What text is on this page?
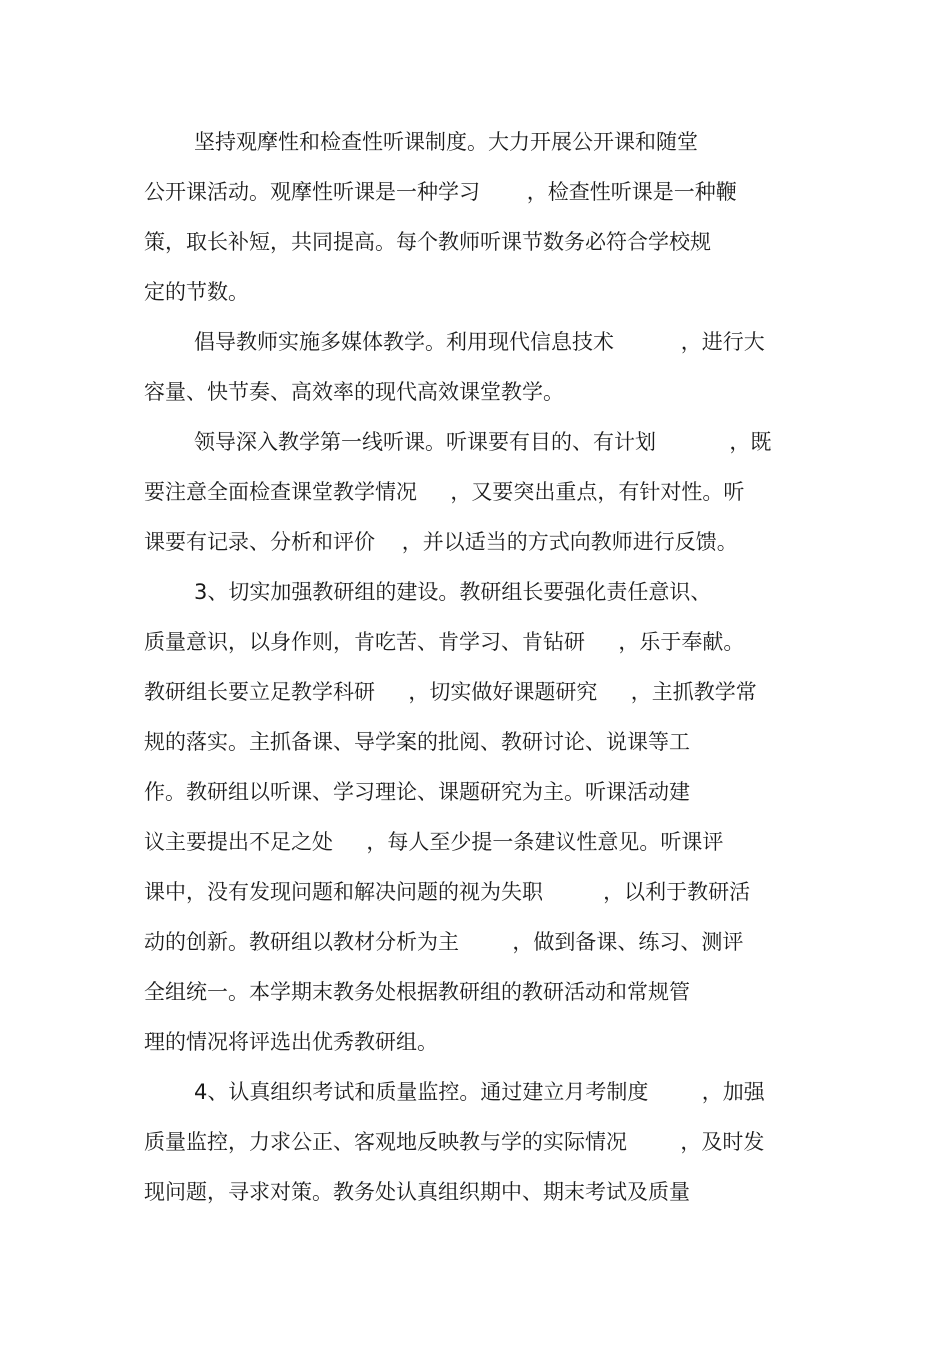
坚持观摩性和检查性听课制度。大力开展公开课和随堂
公开课活动。观摩性听课是一种学习       ，检查性听课是一种鞭
策，取长补短，共同提高。每个教师听课节数务必符合学校规
定的节数。
倡导教师实施多媒体教学。利用现代信息技术          ，进行大
容量、快节奏、高效率的现代高效课堂教学。
领导深入教学第一线听课。听课要有目的、有计划           ，既
要注意全面检查课堂教学情况     ，又要突出重点，有针对性。听
课要有记录、分析和评价    ，并以适当的方式向教师进行反馈。
3、切实加强教研组的建设。教研组长要强化责任意识、
质量意识，以身作则，肯吃苦、肯学习、肯钻研     ，乐于奉献。
教研组长要立足教学科研     ，切实做好课题研究     ，主抓教学常
规的落实。主抓备课、导学案的批阅、教研讨论、说课等工
作。教研组以听课、学习理论、课题研究为主。听课活动建
议主要提出不足之处     ，每人至少提一条建议性意见。听课评
课中，没有发现问题和解决问题的视为失职         ，以利于教研活
动的创新。教研组以教材分析为主        ，做到备课、练习、测评
全组统一。本学期末教务处根据教研组的教研活动和常规管
理的情况将评选出优秀教研组。
4、认真组织考试和质量监控。通过建立月考制度        ，加强
质量监控，力求公正、客观地反映教与学的实际情况        ，及时发
现问题，寻求对策。教务处认真组织期中、期末考试及质量
